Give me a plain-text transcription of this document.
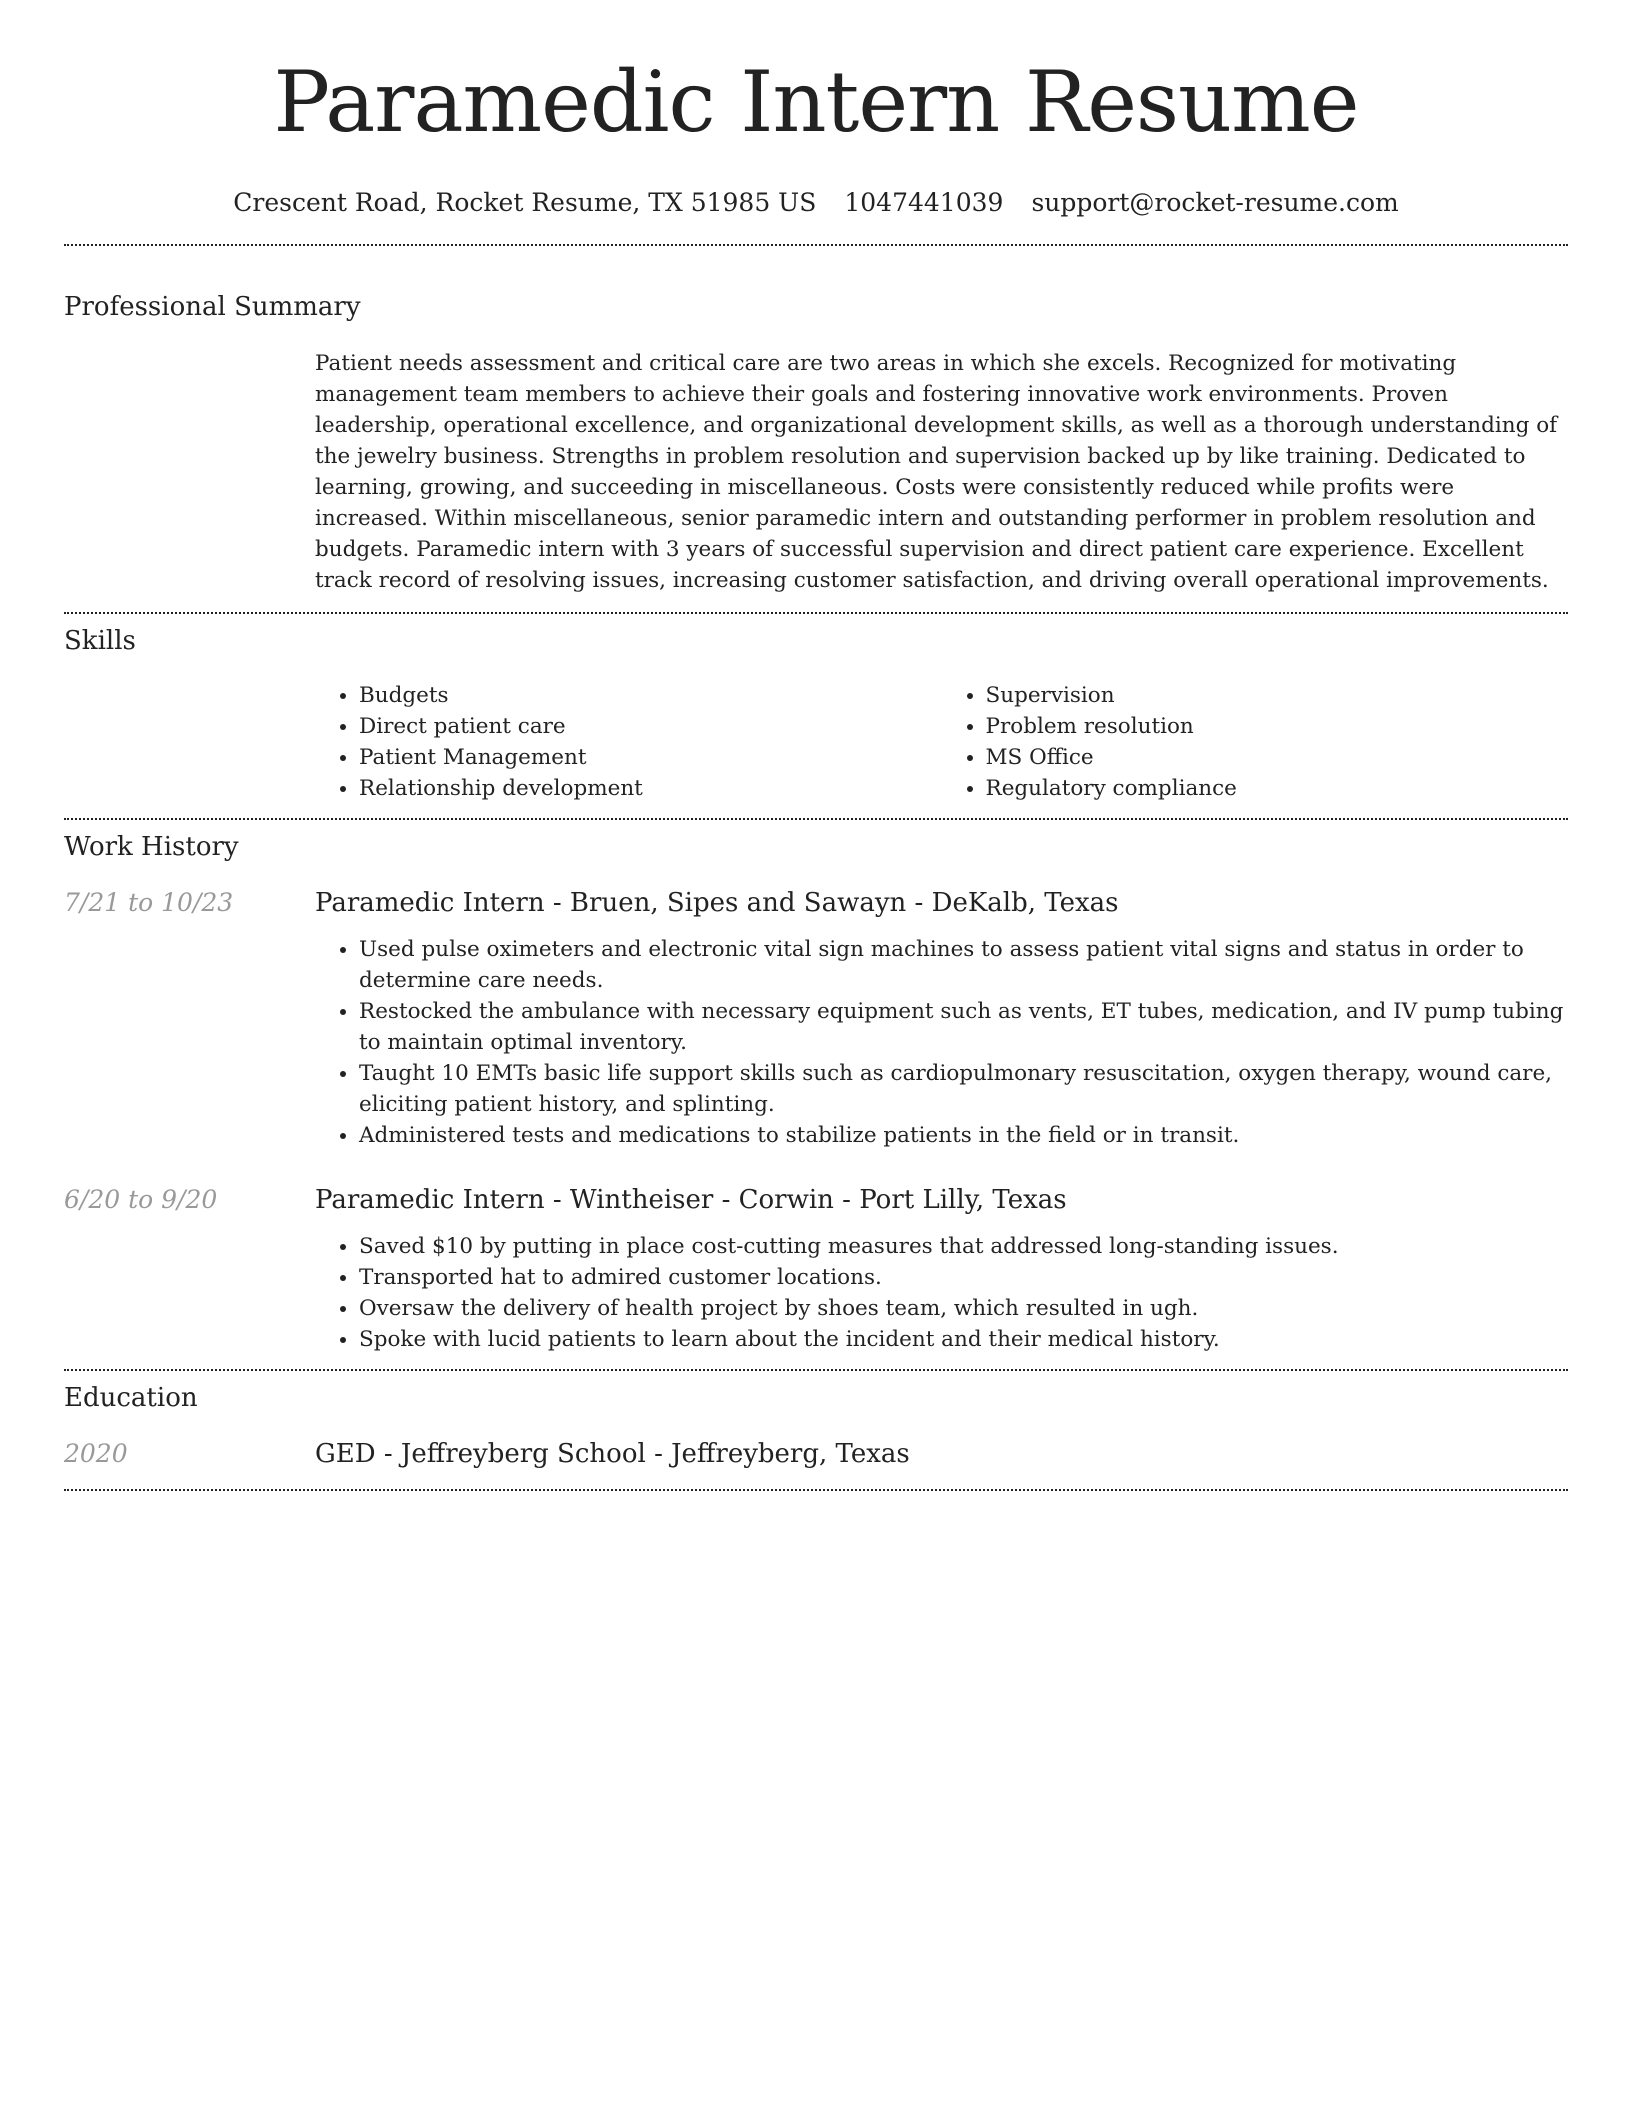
Paramedic Intern Resume
Crescent Road, Rocket Resume, TX 51985 US 1047441039 support@rocket-resume.com
Professional Summary
Patient needs assessment and critical care are two areas in which she excels. Recognized for motivating management team members to achieve their goals and fostering innovative work environments. Proven leadership, operational excellence, and organizational development skills, as well as a thorough understanding of the jewelry business. Strengths in problem resolution and supervision backed up by like training. Dedicated to learning, growing, and succeeding in miscellaneous. Costs were consistently reduced while profits were increased. Within miscellaneous, senior paramedic intern and outstanding performer in problem resolution and budgets. Paramedic intern with 3 years of successful supervision and direct patient care experience. Excellent track record of resolving issues, increasing customer satisfaction, and driving overall operational improvements.
Skills
• Budgets
• Direct patient care
• Patient Management
• Relationship development
• Supervision
• Problem resolution
• MS Office
• Regulatory compliance
Work History
7/21 to 10/23	Paramedic Intern - Bruen, Sipes and Sawayn - DeKalb, Texas
• Used pulse oximeters and electronic vital sign machines to assess patient vital signs and status in order to determine care needs.
• Restocked the ambulance with necessary equipment such as vents, ET tubes, medication, and IV pump tubing to maintain optimal inventory.
• Taught 10 EMTs basic life support skills such as cardiopulmonary resuscitation, oxygen therapy, wound care, eliciting patient history, and splinting.
• Administered tests and medications to stabilize patients in the field or in transit.
6/20 to 9/20	Paramedic Intern - Wintheiser - Corwin - Port Lilly, Texas
• Saved $10 by putting in place cost-cutting measures that addressed long-standing issues.
• Transported hat to admired customer locations.
• Oversaw the delivery of health project by shoes team, which resulted in ugh.
• Spoke with lucid patients to learn about the incident and their medical history.
Education
2020	GED - Jeffreyberg School - Jeffreyberg, Texas
